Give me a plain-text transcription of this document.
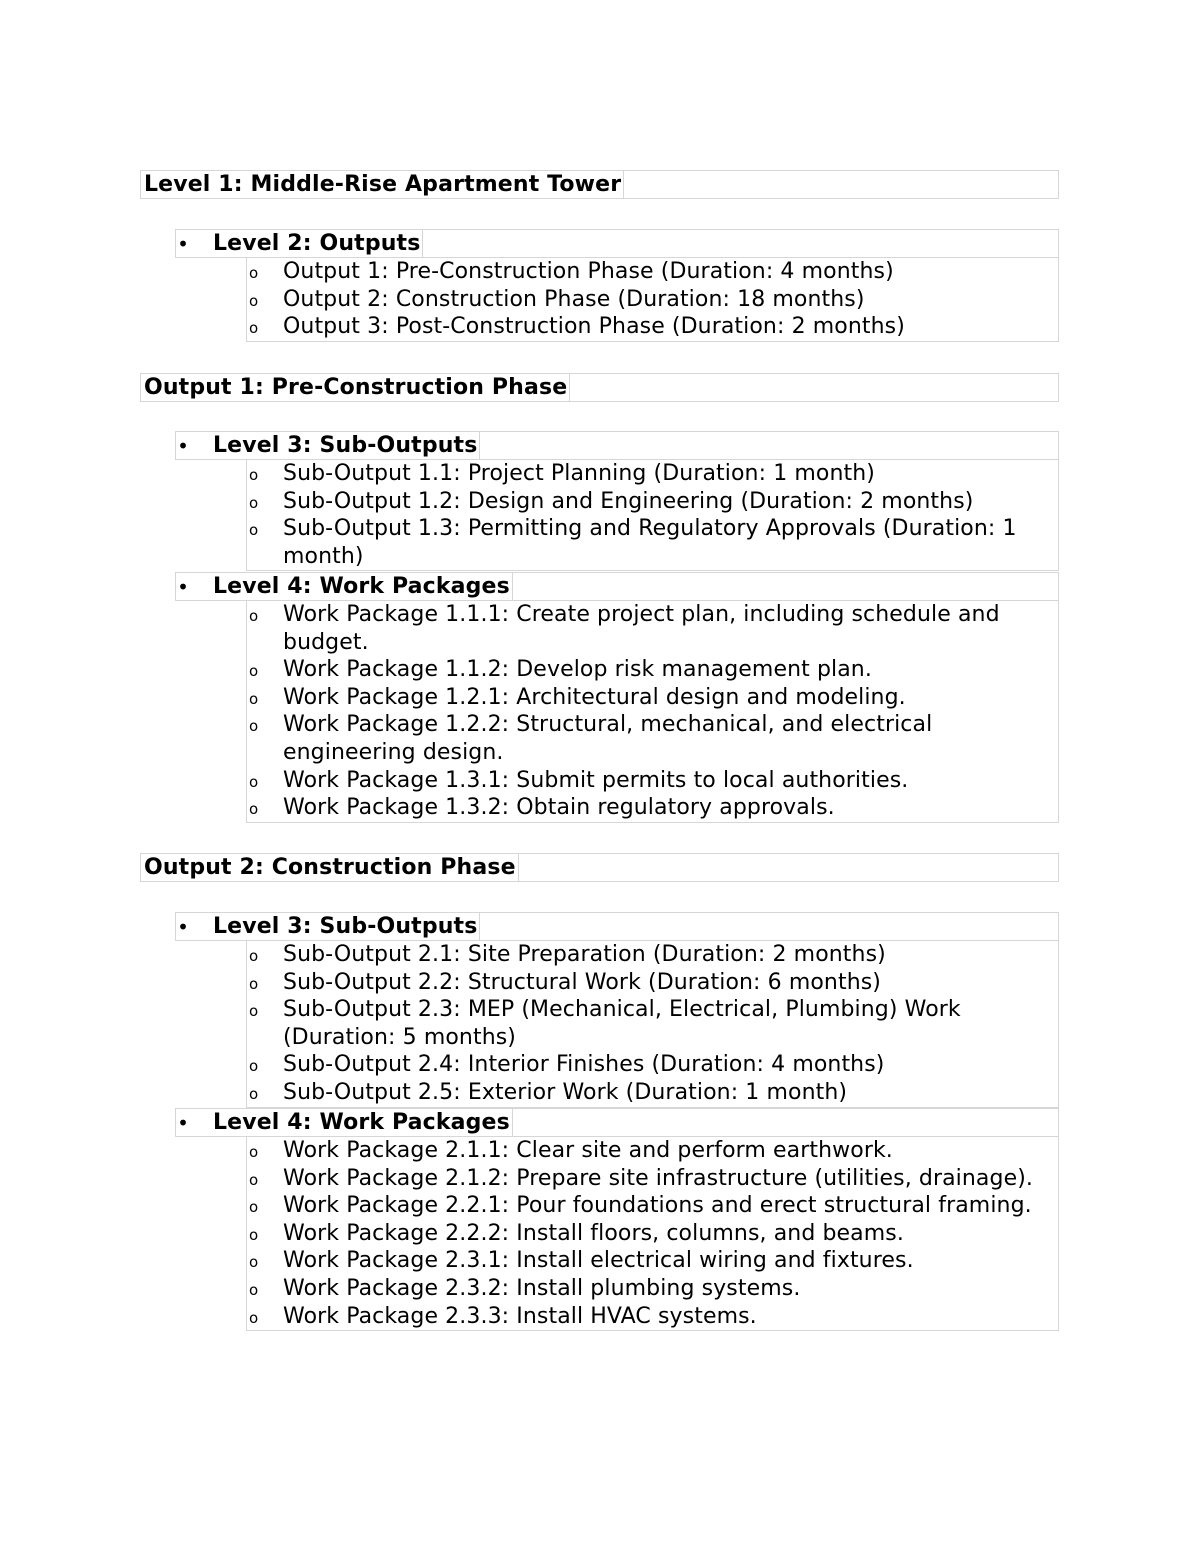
Level 1: Middle-Rise Apartment Tower
• Level 2: Outputs
o Output 1: Pre-Construction Phase (Duration: 4 months)
o Output 2: Construction Phase (Duration: 18 months)
o Output 3: Post-Construction Phase (Duration: 2 months)
Output 1: Pre-Construction Phase
• Level 3: Sub-Outputs
o Sub-Output 1.1: Project Planning (Duration: 1 month)
o Sub-Output 1.2: Design and Engineering (Duration: 2 months)
o Sub-Output 1.3: Permitting and Regulatory Approvals (Duration: 1 month)
• Level 4: Work Packages
o Work Package 1.1.1: Create project plan, including schedule and budget.
o Work Package 1.1.2: Develop risk management plan.
o Work Package 1.2.1: Architectural design and modeling.
o Work Package 1.2.2: Structural, mechanical, and electrical engineering design.
o Work Package 1.3.1: Submit permits to local authorities.
o Work Package 1.3.2: Obtain regulatory approvals.
Output 2: Construction Phase
• Level 3: Sub-Outputs
o Sub-Output 2.1: Site Preparation (Duration: 2 months)
o Sub-Output 2.2: Structural Work (Duration: 6 months)
o Sub-Output 2.3: MEP (Mechanical, Electrical, Plumbing) Work (Duration: 5 months)
o Sub-Output 2.4: Interior Finishes (Duration: 4 months)
o Sub-Output 2.5: Exterior Work (Duration: 1 month)
• Level 4: Work Packages
o Work Package 2.1.1: Clear site and perform earthwork.
o Work Package 2.1.2: Prepare site infrastructure (utilities, drainage).
o Work Package 2.2.1: Pour foundations and erect structural framing.
o Work Package 2.2.2: Install floors, columns, and beams.
o Work Package 2.3.1: Install electrical wiring and fixtures.
o Work Package 2.3.2: Install plumbing systems.
o Work Package 2.3.3: Install HVAC systems.
